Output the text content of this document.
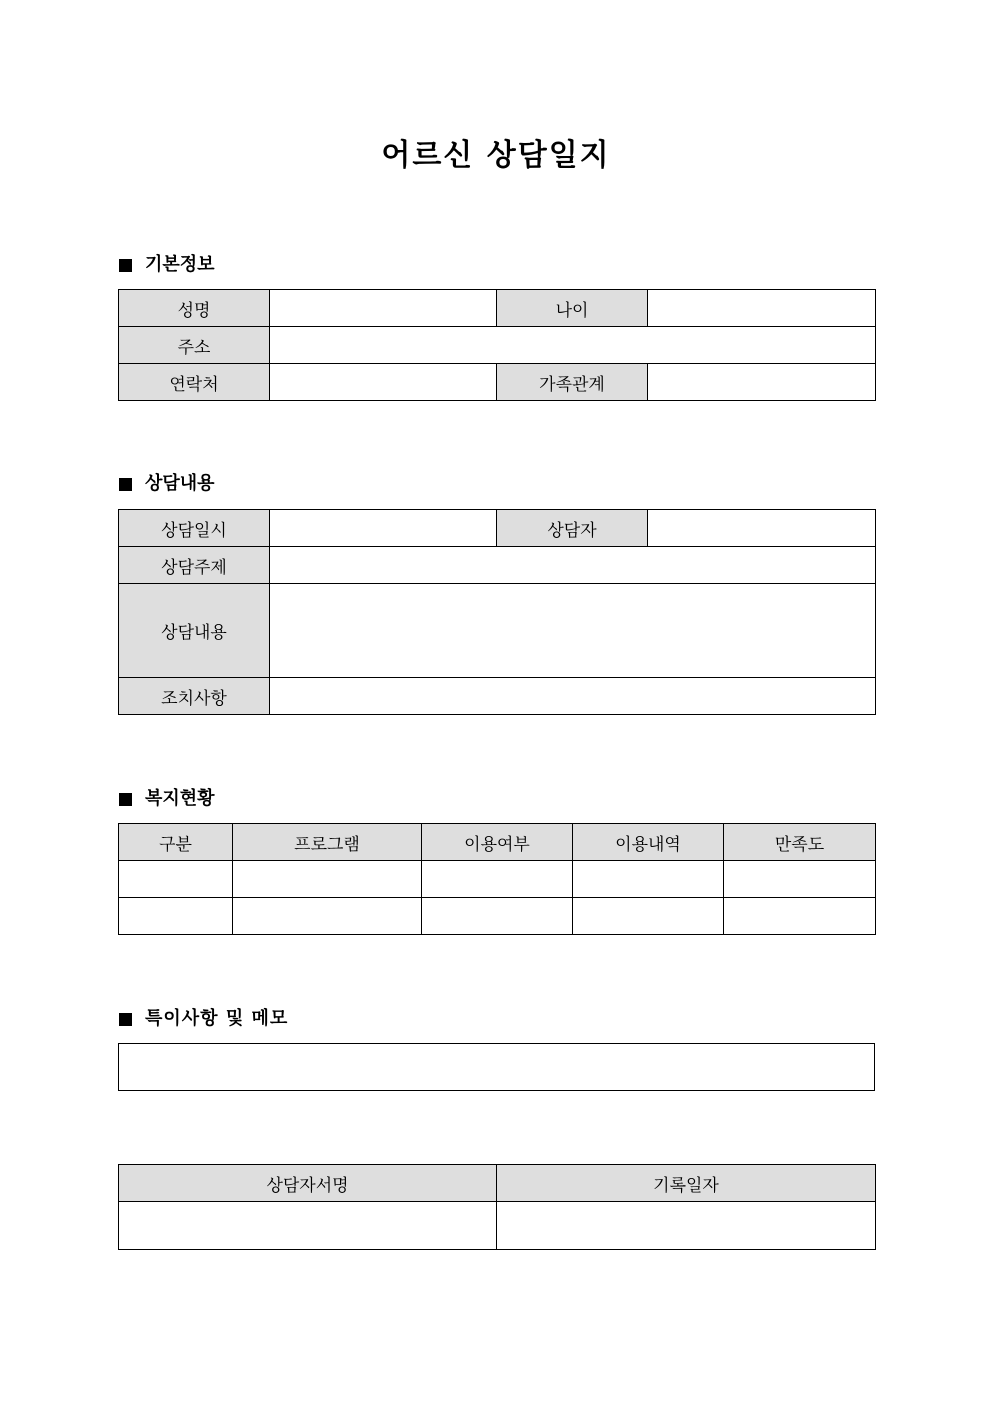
어르신 상담일지
기본정보
성명		나이	
주소			
연락처		가족관계	
상담내용
상담일시		상담자	
상담주제			
상담내용			
조치사항			
복지현황
구분	프로그램	이용여부	이용내역	만족도

특이사항 및 메모
상담자서명	기록일자
